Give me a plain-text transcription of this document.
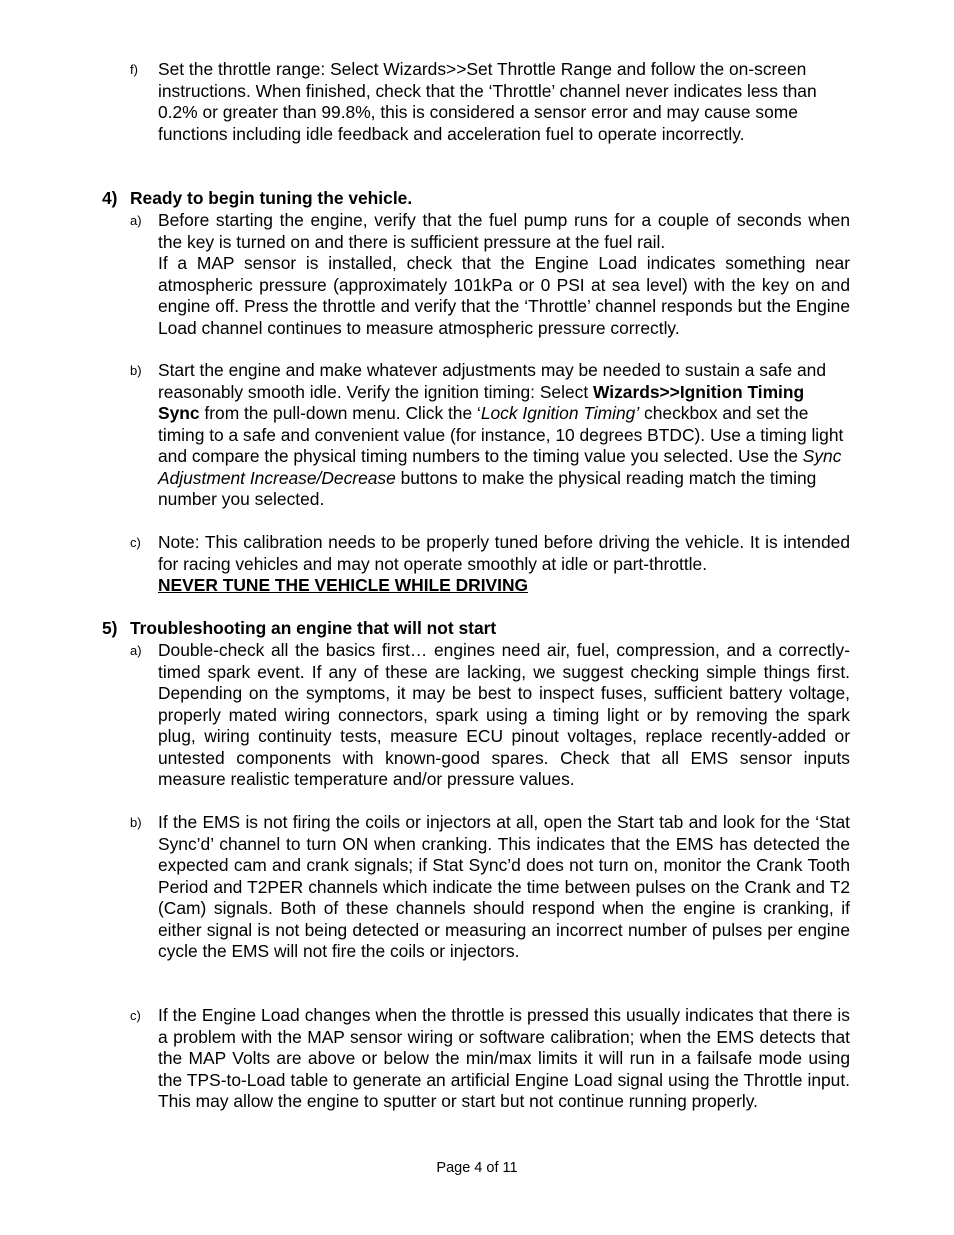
f) Set the throttle range: Select Wizards>>Set Throttle Range and follow the on-screen instructions. When finished, check that the ‘Throttle’ channel never indicates less than 0.2% or greater than 99.8%, this is considered a sensor error and may cause some functions including idle feedback and acceleration fuel to operate incorrectly.
4) Ready to begin tuning the vehicle.
a) Before starting the engine, verify that the fuel pump runs for a couple of seconds when the key is turned on and there is sufficient pressure at the fuel rail.
If a MAP sensor is installed, check that the Engine Load indicates something near atmospheric pressure (approximately 101kPa or 0 PSI at sea level) with the key on and engine off. Press the throttle and verify that the ‘Throttle’ channel responds but the Engine Load channel continues to measure atmospheric pressure correctly.
b) Start the engine and make whatever adjustments may be needed to sustain a safe and reasonably smooth idle. Verify the ignition timing: Select Wizards>>Ignition Timing Sync from the pull-down menu. Click the ‘Lock Ignition Timing’ checkbox and set the timing to a safe and convenient value (for instance, 10 degrees BTDC). Use a timing light and compare the physical timing numbers to the timing value you selected. Use the Sync Adjustment Increase/Decrease buttons to make the physical reading match the timing number you selected.
c) Note: This calibration needs to be properly tuned before driving the vehicle. It is intended for racing vehicles and may not operate smoothly at idle or part-throttle.
NEVER TUNE THE VEHICLE WHILE DRIVING
5) Troubleshooting an engine that will not start
a) Double-check all the basics first… engines need air, fuel, compression, and a correctly-timed spark event. If any of these are lacking, we suggest checking simple things first. Depending on the symptoms, it may be best to inspect fuses, sufficient battery voltage, properly mated wiring connectors, spark using a timing light or by removing the spark plug, wiring continuity tests, measure ECU pinout voltages, replace recently-added or untested components with known-good spares. Check that all EMS sensor inputs measure realistic temperature and/or pressure values.
b) If the EMS is not firing the coils or injectors at all, open the Start tab and look for the ‘Stat Sync’d’ channel to turn ON when cranking. This indicates that the EMS has detected the expected cam and crank signals; if Stat Sync’d does not turn on, monitor the Crank Tooth Period and T2PER channels which indicate the time between pulses on the Crank and T2 (Cam) signals. Both of these channels should respond when the engine is cranking, if either signal is not being detected or measuring an incorrect number of pulses per engine cycle the EMS will not fire the coils or injectors.
c) If the Engine Load changes when the throttle is pressed this usually indicates that there is a problem with the MAP sensor wiring or software calibration; when the EMS detects that the MAP Volts are above or below the min/max limits it will run in a failsafe mode using the TPS-to-Load table to generate an artificial Engine Load signal using the Throttle input. This may allow the engine to sputter or start but not continue running properly.
Page 4 of 11
